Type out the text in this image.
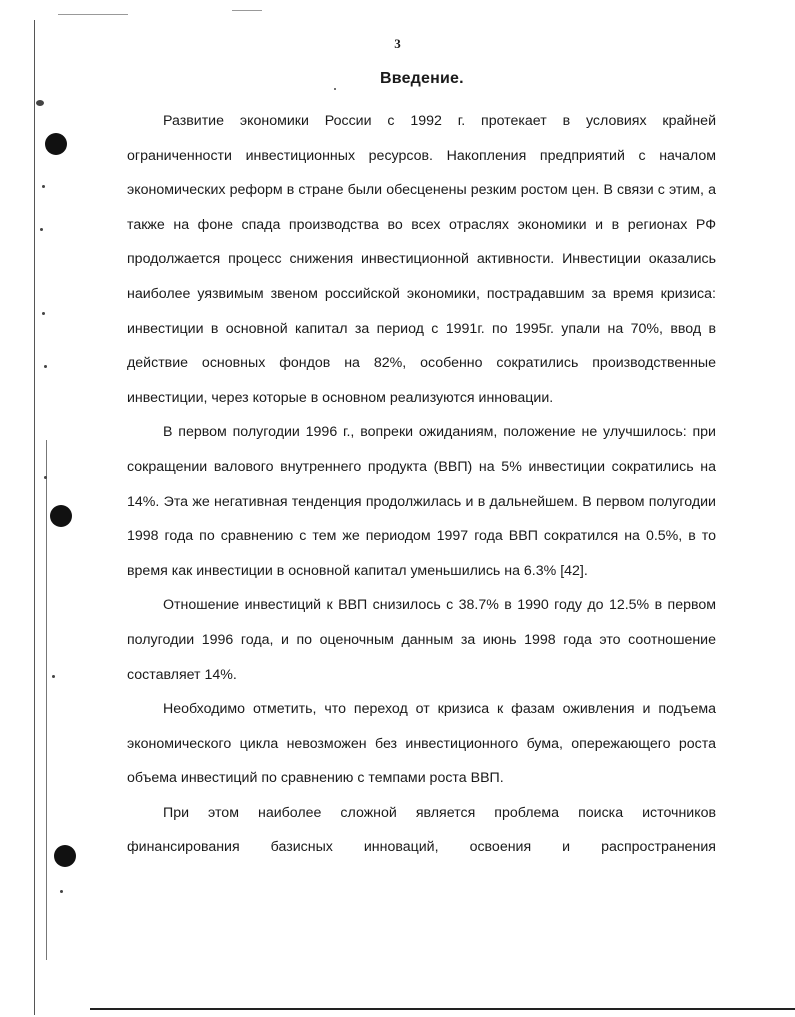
3
Введение.

Развитие экономики России с 1992 г. протекает в условиях крайней ограниченности инвестиционных ресурсов. Накопления предприятий с началом экономических реформ в стране были обесценены резким ростом цен. В связи с этим, а также на фоне спада производства во всех отраслях экономики и в регионах РФ продолжается процесс снижения инвестиционной активности. Инвестиции оказались наиболее уязвимым звеном российской экономики, пострадавшим за время кризиса: инвестиции в основной капитал за период с 1991г. по 1995г. упали на 70%, ввод в действие основных фондов на 82%, особенно сократились производственные инвестиции, через которые в основном реализуются инновации.

В первом полугодии 1996 г., вопреки ожиданиям, положение не улучшилось: при сокращении валового внутреннего продукта (ВВП) на 5% инвестиции сократились на 14%. Эта же негативная тенденция продолжилась и в дальнейшем. В первом полугодии 1998 года по сравнению с тем же периодом 1997 года ВВП сократился на 0.5%, в то время как инвестиции в основной капитал уменьшились на 6.3% [42].

Отношение инвестиций к ВВП снизилось с 38.7% в 1990 году до 12.5% в первом полугодии 1996 года, и по оценочным данным за июнь 1998 года это соотношение составляет 14%.

Необходимо отметить, что переход от кризиса к фазам оживления и подъема экономического цикла невозможен без инвестиционного бума, опережающего роста объема инвестиций по сравнению с темпами роста ВВП.

При этом наиболее сложной является проблема поиска источников финансирования базисных инноваций, освоения и распространения
